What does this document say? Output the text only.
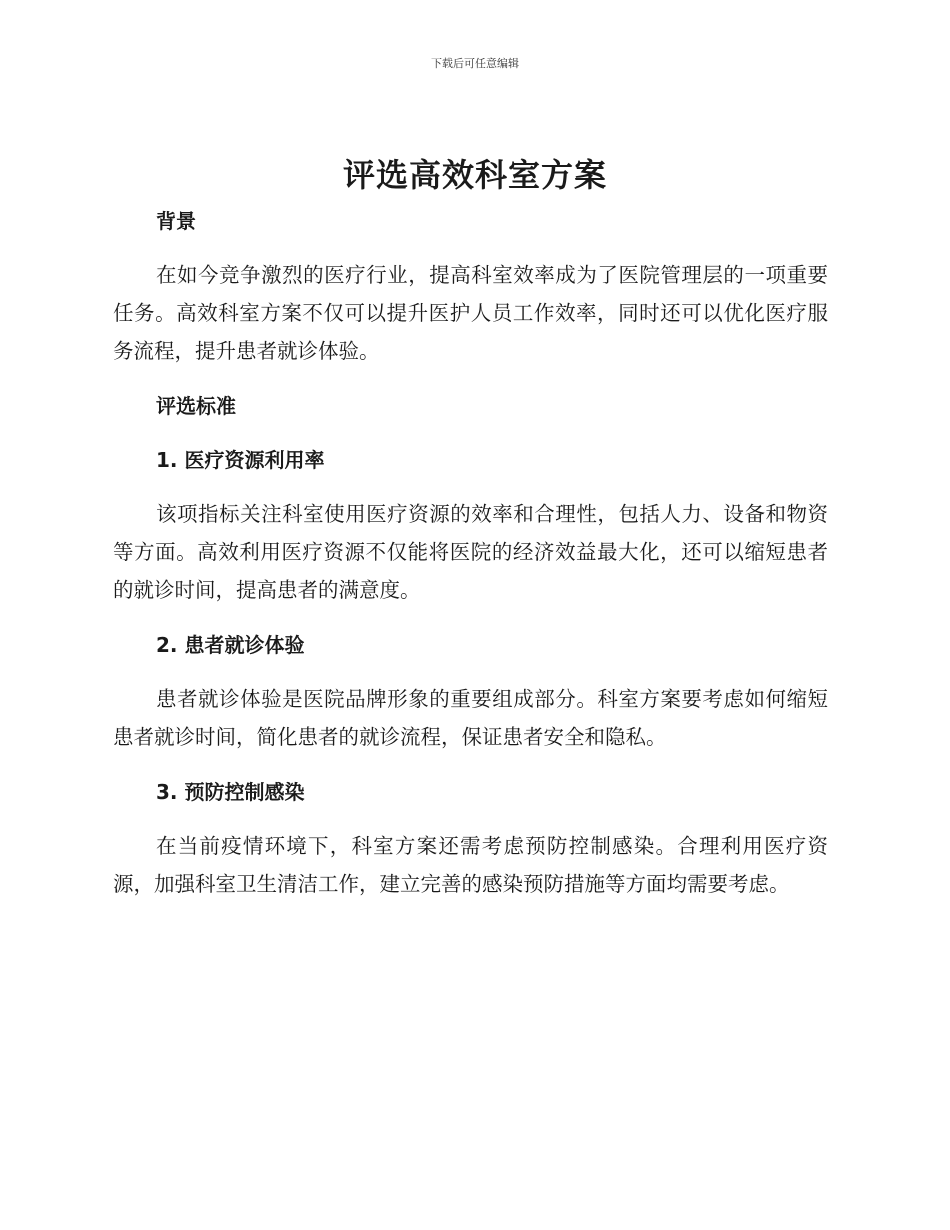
下载后可任意编辑
评选高效科室方案

背景

在如今竞争激烈的医疗行业，提高科室效率成为了医院管理层的一项重要任务。高效科室方案不仅可以提升医护人员工作效率，同时还可以优化医疗服务流程，提升患者就诊体验。

评选标准

1. 医疗资源利用率

该项指标关注科室使用医疗资源的效率和合理性，包括人力、设备和物资等方面。高效利用医疗资源不仅能将医院的经济效益最大化，还可以缩短患者的就诊时间，提高患者的满意度。

2. 患者就诊体验

患者就诊体验是医院品牌形象的重要组成部分。科室方案要考虑如何缩短患者就诊时间，简化患者的就诊流程，保证患者安全和隐私。

3. 预防控制感染

在当前疫情环境下，科室方案还需考虑预防控制感染。合理利用医疗资源，加强科室卫生清洁工作，建立完善的感染预防措施等方面均需要考虑。
